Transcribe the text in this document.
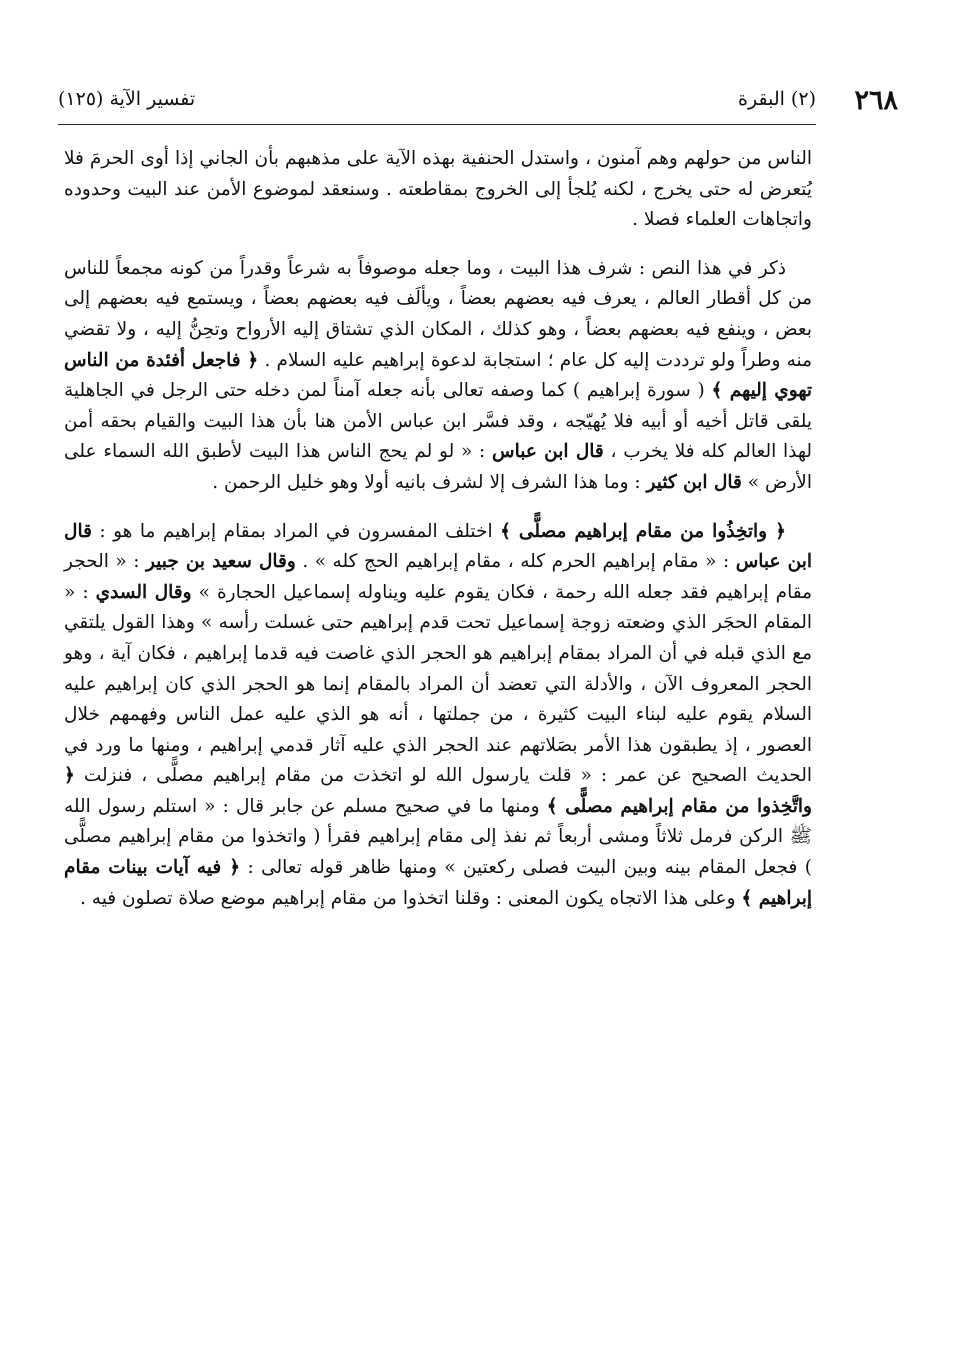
٢٦٨
(٢) البقرة
تفسير الآية (١٢٥)

الناس من حولهم وهم آمنون ، واستدل الحنفية بهذه الآية على مذهبهم بأن الجاني إذا أوى الحرمَ فلا يُتعرض له حتى يخرج ، لكنه يُلجأ إلى الخروج بمقاطعته . وسنعقد لموضوع الأمن عند البيت وحدوده واتجاهات العلماء فصلا .

ذكر في هذا النص : شرف هذا البيت ، وما جعله موصوفاً به شرعاً وقدراً من كونه مجمعاً للناس من كل أقطار العالم ، يعرف فيه بعضهم بعضاً ، ويألَف فيه بعضهم بعضاً ، ويستمع فيه بعضهم إلى بعض ، وينفع فيه بعضهم بعضاً ، وهو كذلك ، المكان الذي تشتاق إليه الأرواح وتحِنُّ إليه ، ولا تقضي منه وطراً ولو ترددت إليه كل عام ؛ استجابة لدعوة إبراهيم عليه السلام . ﴿ فاجعل أفئدة من الناس تهوي إليهم ﴾ ( سورة إبراهيم ) كما وصفه تعالى بأنه جعله آمناً لمن دخله حتى الرجل في الجاهلية يلقى قاتل أخيه أو أبيه فلا يُهيّجه ، وقد فسَّر ابن عباس الأمن هنا بأن هذا البيت والقيام بحقه أمن لهذا العالم كله فلا يخرب ، قال ابن عباس : « لو لم يحج الناس هذا البيت لأطبق الله السماء على الأرض » قال ابن كثير : وما هذا الشرف إلا لشرف بانيه أولا وهو خليل الرحمن .

﴿ واتخِذُوا من مقام إبراهيم مصلًّى ﴾ اختلف المفسرون في المراد بمقام إبراهيم ما هو : قال ابن عباس : « مقام إبراهيم الحرم كله ، مقام إبراهيم الحج كله » . وقال سعيد بن جبير : « الحجر مقام إبراهيم فقد جعله الله رحمة ، فكان يقوم عليه ويناوله إسماعيل الحجارة » وقال السدي : « المقام الحجَر الذي وضعته زوجة إسماعيل تحت قدم إبراهيم حتى غسلت رأسه » وهذا القول يلتقي مع الذي قبله في أن المراد بمقام إبراهيم هو الحجر الذي غاصت فيه قدما إبراهيم ، فكان آية ، وهو الحجر المعروف الآن ، والأدلة التي تعضد أن المراد بالمقام إنما هو الحجر الذي كان إبراهيم عليه السلام يقوم عليه لبناء البيت كثيرة ، من جملتها ، أنه هو الذي عليه عمل الناس وفهمهم خلال العصور ، إذ يطبقون هذا الأمر بصَلاتهم عند الحجر الذي عليه آثار قدمي إبراهيم ، ومنها ما ورد في الحديث الصحيح عن عمر : « قلت يارسول الله لو اتخذت من مقام إبراهيم مصلًّى ، فنزلت ﴿ واتَّخِذوا من مقام إبراهيم مصلًّى ﴾ ومنها ما في صحيح مسلم عن جابر قال : « استلم رسول الله ﷺ الركن فرمل ثلاثاً ومشى أربعاً ثم نفذ إلى مقام إبراهيم فقرأ ( واتخذوا من مقام إبراهيم مصلًّى ) فجعل المقام بينه وبين البيت فصلى ركعتين » ومنها ظاهر قوله تعالى : ﴿ فيه آيات بينات مقام إبراهيم ﴾ وعلى هذا الاتجاه يكون المعنى : وقلنا اتخذوا من مقام إبراهيم موضع صلاة تصلون فيه .
